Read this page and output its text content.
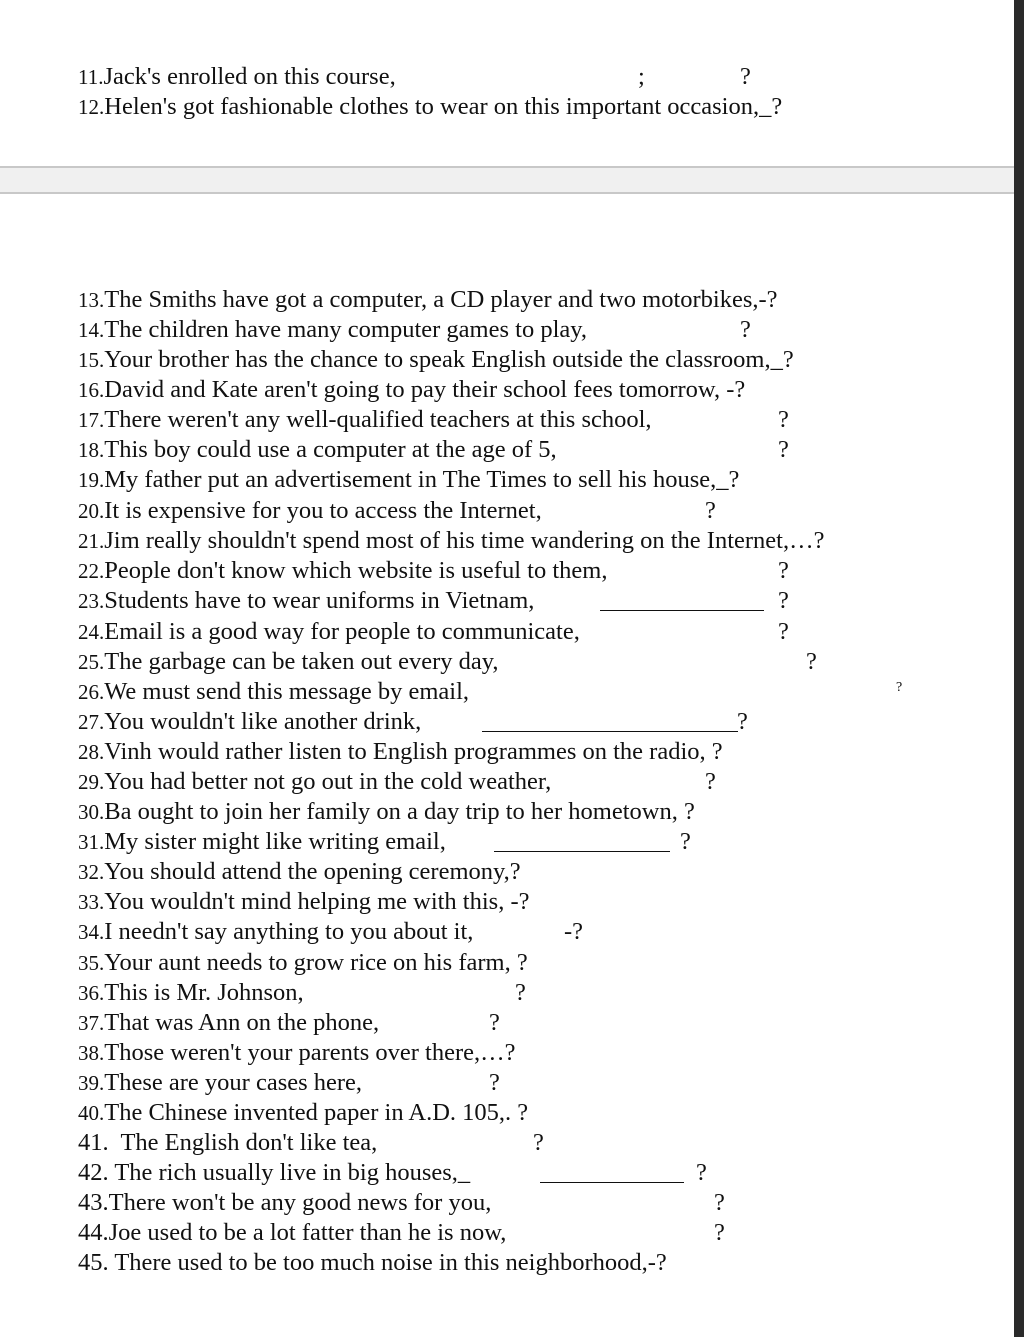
11.Jack's enrolled on this course,	;	?
12.Helen's got fashionable clothes to wear on this important occasion,_?
13.The Smiths have got a computer, a CD player and two motorbikes,-?
14.The children have many computer games to play,	?
15.Your brother has the chance to speak English outside the classroom,_?
16.David and Kate aren't going to pay their school fees tomorrow, -?
17.There weren't any well-qualified teachers at this school,	?
18.This boy could use a computer at the age of 5,	?
19.My father put an advertisement in The Times to sell his house,_?
20.It is expensive for you to access the Internet,	?
21.Jim really shouldn't spend most of his time wandering on the Internet,…?
22.People don't know which website is useful to them,	?
23.Students have to wear uniforms in Vietnam,	?
24.Email is a good way for people to communicate,	?
25.The garbage can be taken out every day,	?
26.We must send this message by email,	?
27.You wouldn't like another drink,	?
28.Vinh would rather listen to English programmes on the radio, ?
29.You had better not go out in the cold weather,	?
30.Ba ought to join her family on a day trip to her hometown, ?
31.My sister might like writing email,	?
32.You should attend the opening ceremony,?
33.You wouldn't mind helping me with this, -?
34.I needn't say anything to you about it,	-?
35.Your aunt needs to grow rice on his farm, ?
36.This is Mr. Johnson,	?
37.That was Ann on the phone,	?
38.Those weren't your parents over there,…?
39.These are your cases here,	?
40.The Chinese invented paper in A.D. 105,. ?
41. The English don't like tea,	?
42. The rich usually live in big houses,_	?
43.There won't be any good news for you,	?
44.Joe used to be a lot fatter than he is now,	?
45. There used to be too much noise in this neighborhood,-?
